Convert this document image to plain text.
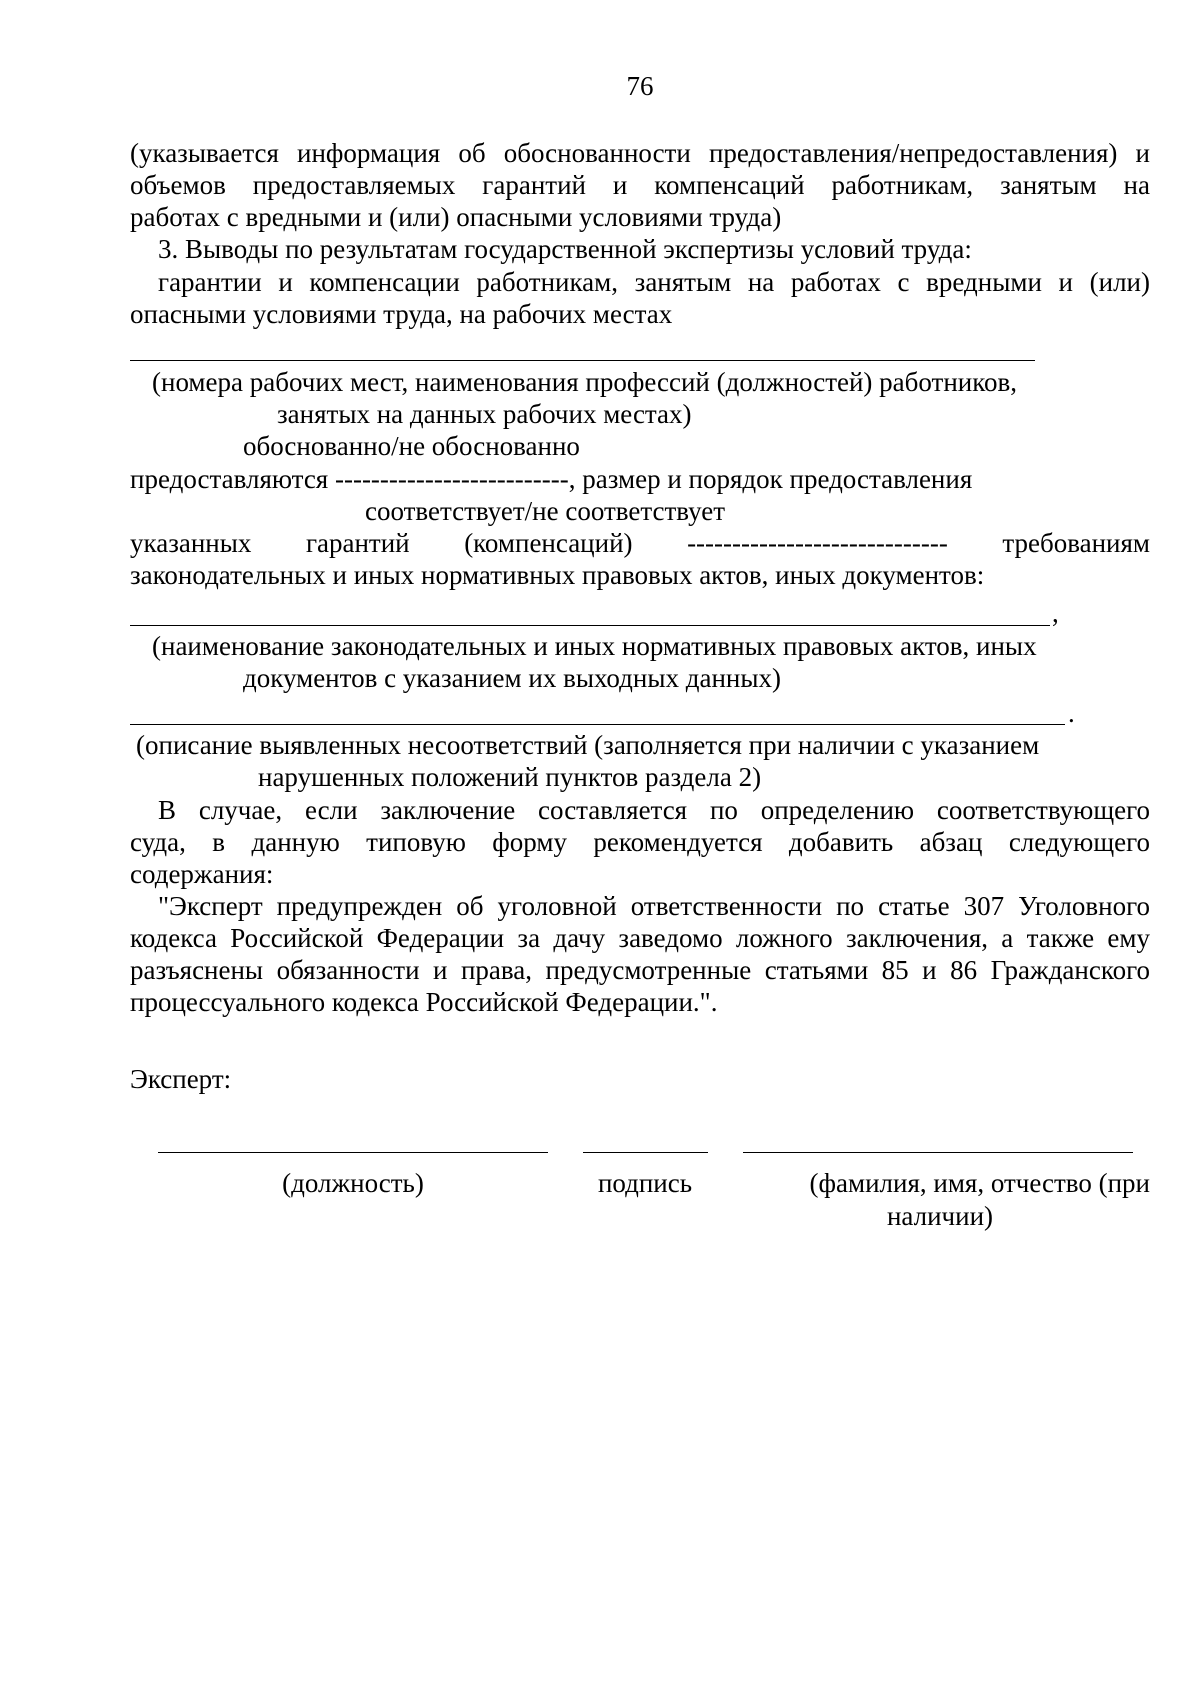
76
(указывается информация об обоснованности предоставления/непредоставления) и
объемов предоставляемых гарантий и компенсаций работникам, занятым на
работах с вредными и (или) опасными условиями труда)
3. Выводы по результатам государственной экспертизы условий труда:
гарантии и компенсации работникам, занятым на работах с вредными и (или)
опасными условиями труда, на рабочих местах
(номера рабочих мест, наименования профессий (должностей) работников,
занятых на данных рабочих местах)
обоснованно/не обоснованно
предоставляются --------------------------, размер и порядок предоставления
соответствует/не соответствует
указанных гарантий (компенсаций) ----------------------------- требованиям
законодательных и иных нормативных правовых актов, иных документов:
,
(наименование законодательных и иных нормативных правовых актов, иных
документов с указанием их выходных данных)
.
(описание выявленных несоответствий (заполняется при наличии с указанием
нарушенных положений пунктов раздела 2)
В случае, если заключение составляется по определению соответствующего
суда, в данную типовую форму рекомендуется добавить абзац следующего
содержания:
"Эксперт предупрежден об уголовной ответственности по статье 307 Уголовного
кодекса Российской Федерации за дачу заведомо ложного заключения, а также ему
разъяснены обязанности и права, предусмотренные статьями 85 и 86 Гражданского
процессуального кодекса Российской Федерации.".
Эксперт:
(должность)	подпись	(фамилия, имя, отчество (при
наличии)
